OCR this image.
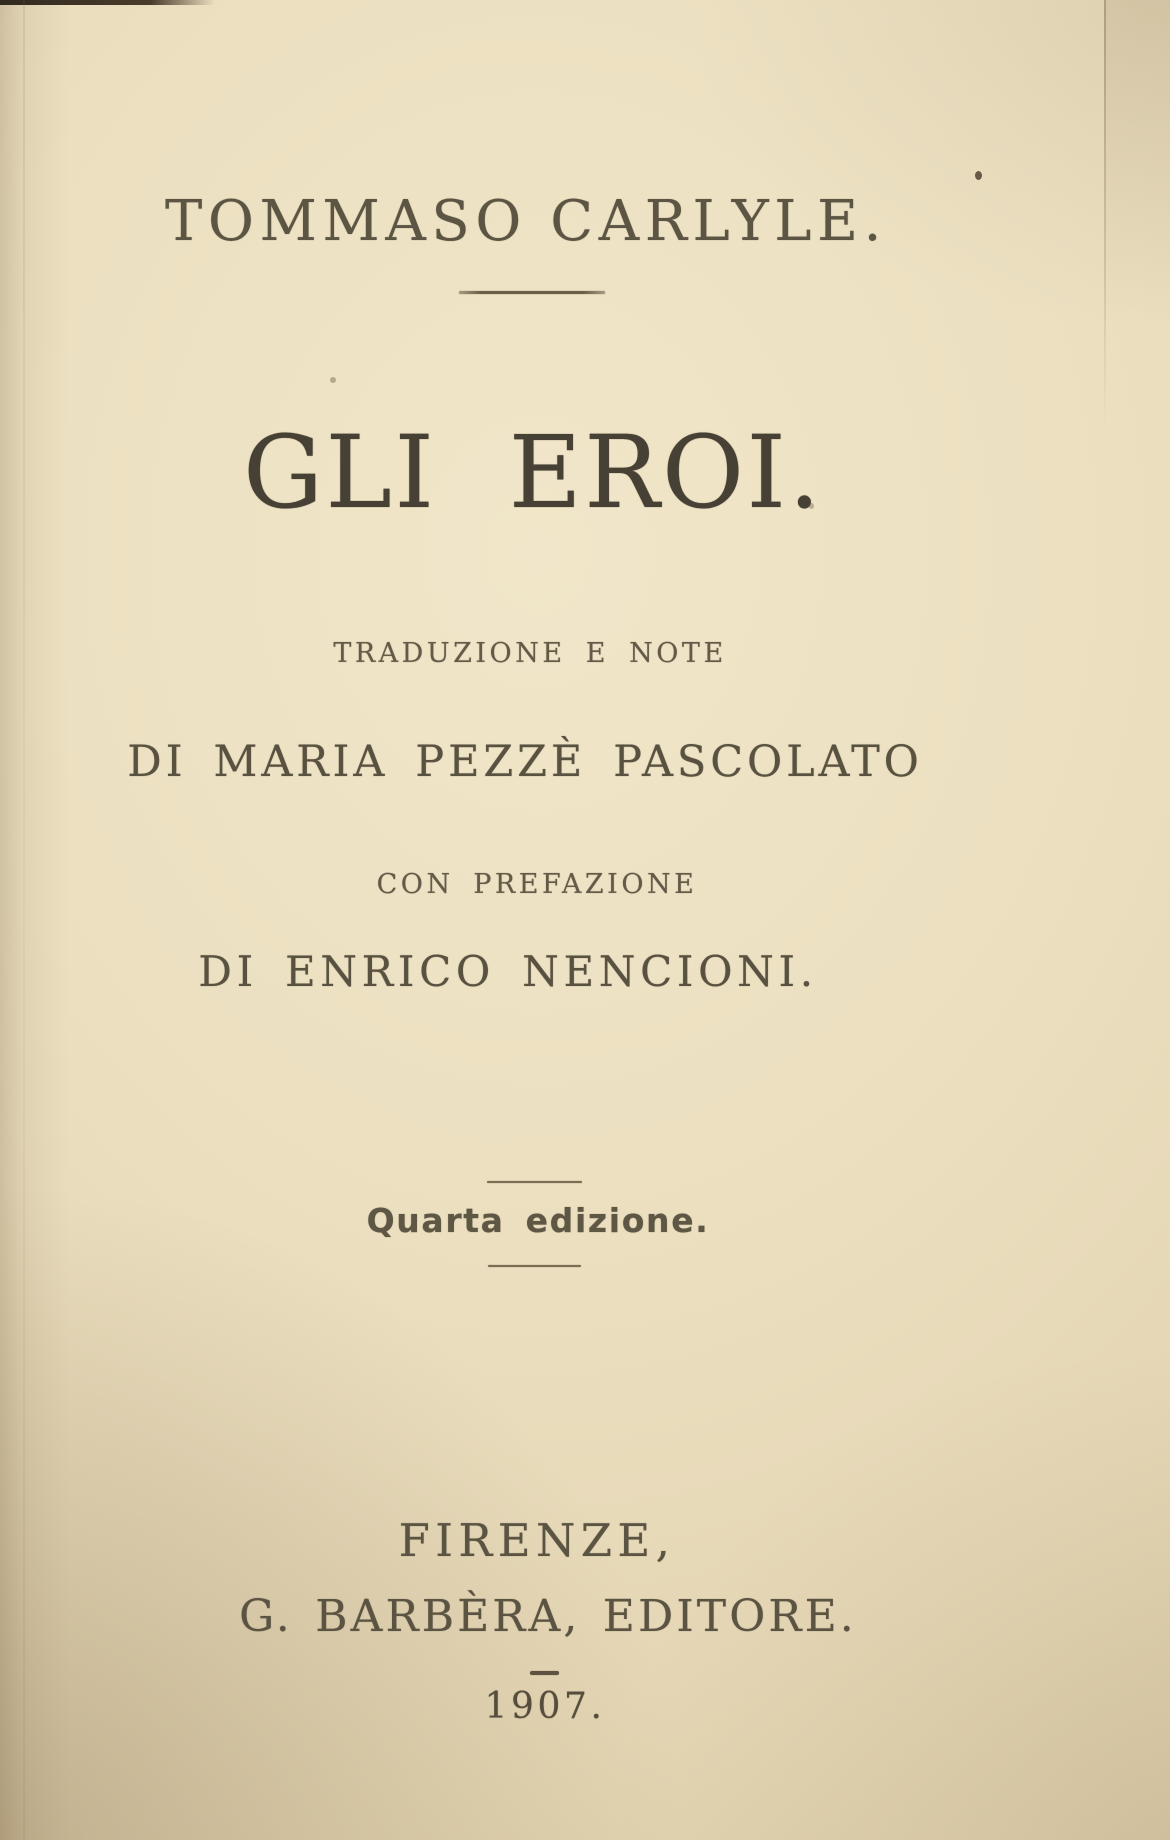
TOMMASO CARLYLE.
GLI EROI.
TRADUZIONE E NOTE
DI MARIA PEZZÈ PASCOLATO
CON PREFAZIONE
DI ENRICO NENCIONI.
Quarta edizione.
FIRENZE,
G. BARBÈRA, EDITORE.
1907.
